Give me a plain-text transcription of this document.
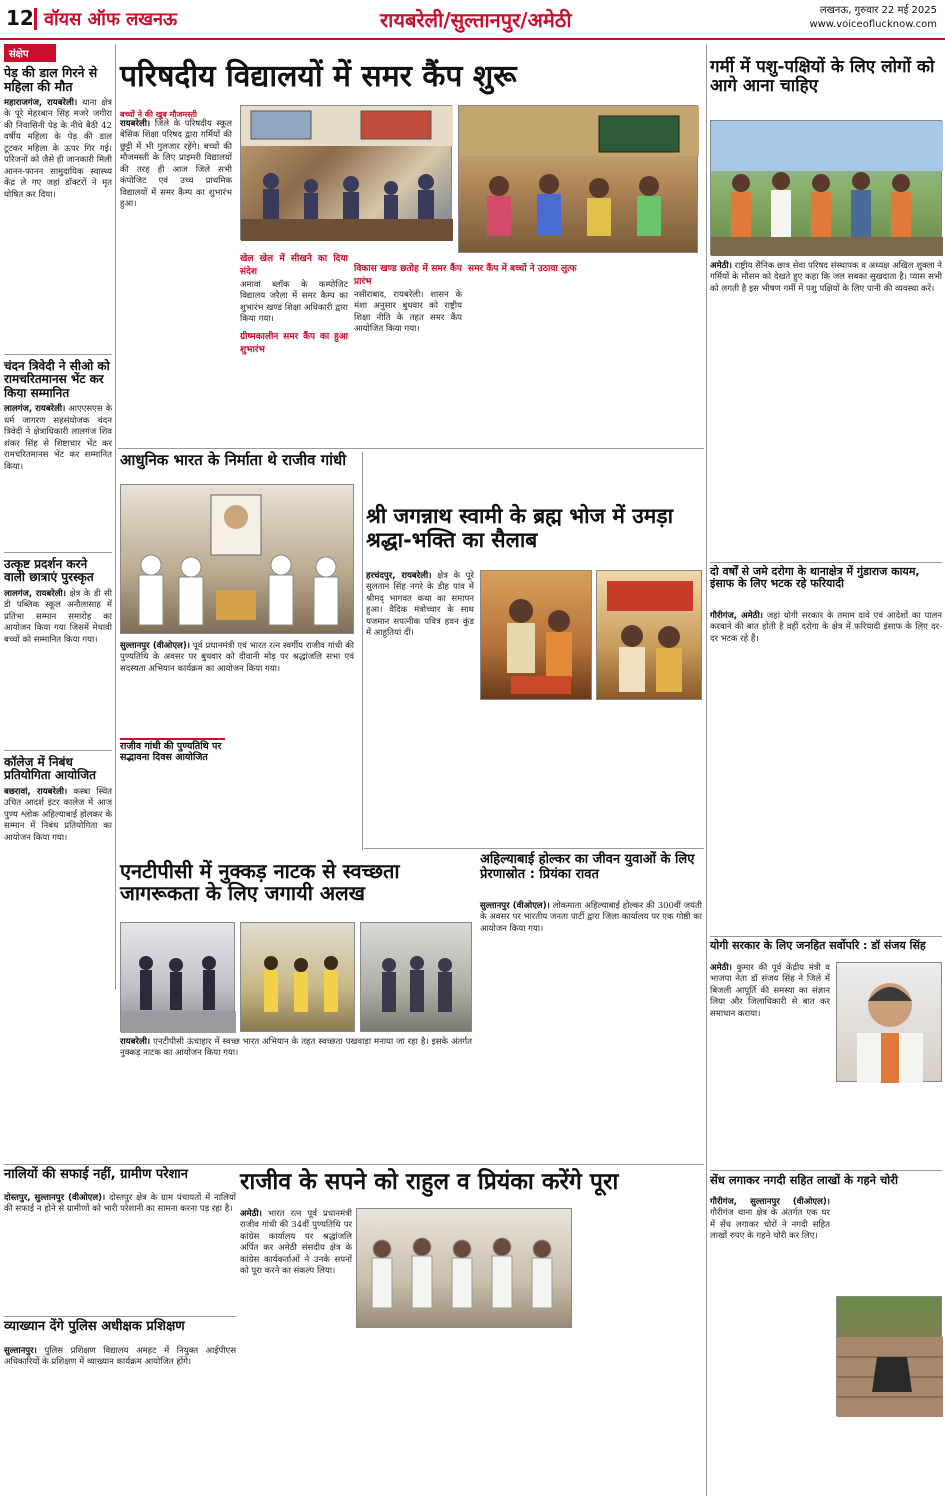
12 वॉयस ऑफ लखनऊ	रायबरेली/सुल्तानपुर/अमेठी	लखनऊ, गुरुवार 22 मई 2025
www.voiceoflucknow.com
संक्षेप
पेड़ की डाल गिरने से महिला की मौत
महाराजगंज, रायबरेली। थाना क्षेत्र के पूरे मेहरबान सिंह मजरे जगीरा की निवासिनी पेड़ के नीचे बैठी 42 वर्षीय महिला के पेड़ की डाल टूटकर महिला के ऊपर गिर गई। परिजनों को जैसे ही जानकारी मिली आनन-फानन सामुदायिक स्वास्थ्य केंद्र ले गए जहां डॉक्टरों ने मृत घोषित कर दिया।
चंदन त्रिवेदी ने सीओ को रामचरितमानस भेंट कर किया सम्मानित
लालगंज, रायबरेली। आएएसएस के धर्म जागरण सहसंयोजक चंदन त्रिवेदी ने क्षेत्राधिकारी लालगंज शिव शंकर सिंह से शिष्टाचार भेंट कर रामचरितमानस भेंट कर सम्मानित किया।
उत्कृष्ट प्रदर्शन करने वाली छात्राएं पुरस्कृत
लालगंज, रायबरेली। क्षेत्र के डी सी डी पब्लिक स्कूल अनौलासाह में प्रतिभा सम्मान समारोह का आयोजन किया गया जिसमें मेधावी बच्चों को सम्मानित किया गया।
कॉलेज में निबंध प्रतियोगिता आयोजित
बछरावां, रायबरेली। कस्बा स्थित उचित आदर्श इंटर कालेज में आज पुण्य श्लोक अहिल्याबाई होलकर के सम्मान में निबंध प्रतियोगिता का आयोजन किया गया।
परिषदीय विद्यालयों में समर कैंप शुरू
बच्चों ने की खूब मौजमस्ती
रायबरेली। जिले के परिषदीय स्कूल बेसिक शिक्षा परिषद द्वारा गर्मियों की छुट्टी में भी गुलजार रहेंगे। बच्चों की मौजमस्ती के लिए प्राइमरी विद्यालयों की तरह ही आज जिले सभी कंपोजिट एवं उच्च प्राथमिक विद्यालयों में समर कैम्प का शुभारंभ हुआ।
खेल खेल में सीखने का दिया संदेश
अमावां ब्लॉक के कम्पोजिट विद्यालय जरैला में समर कैम्प का शुभारंभ खण्ड शिक्षा अधिकारी द्वारा किया गया।
ग्रीष्मकालीन समर कैंप का हुआ शुभारंभ
विकास खण्ड छतोह में समर कैंप प्रारंभ
नसीराबाद, रायबरेली। शासन के मंशा अनुसार बुधवार को राष्ट्रीय शिक्षा नीति के तहत समर कैंप आयोजित किया गया।
समर कैंप में बच्चों ने उठाया लुत्फ
आधुनिक भारत के निर्माता थे राजीव गांधी
सुल्तानपुर (वीओएल)। पूर्व प्रधानमंत्री एवं भारत रत्न स्वर्गीय राजीव गांधी की पुण्यतिथि के अवसर पर बुधवार को दीवानी मोड़ पर श्रद्धांजलि सभा एवं सदस्यता अभियान कार्यक्रम का आयोजन किया गया।
राजीव गांधी की पुण्यतिथि पर सद्भावना दिवस आयोजित
श्री जगन्नाथ स्वामी के ब्रह्म भोज में उमड़ा श्रद्धा-भक्ति का सैलाब
हरचंदपुर, रायबरेली। क्षेत्र के पूरे सुलतान सिंह नगरे के डीह पांव में श्रीमद् भागवत कथा का समापन हुआ। वैदिक मंत्रोच्चार के साथ यजमान सपत्नीक पवित्र हवन कुंड में आहुतियां दीं।
अहिल्याबाई होल्कर का जीवन युवाओं के लिए प्रेरणास्रोत : प्रियंका रावत
सुल्तानपुर (वीओएल)। लोकमाता अहिल्याबाई होल्कर की 300वीं जयंती के अवसर पर भारतीय जनता पार्टी द्वारा जिला कार्यालय पर एक गोष्ठी का आयोजन किया गया।
एनटीपीसी में नुक्कड़ नाटक से स्वच्छता जागरूकता के लिए जगायी अलख
रायबरेली। एनटीपीसी ऊंचाहार में स्वच्छ भारत अभियान के तहत स्वच्छता पखवाड़ा मनाया जा रहा है। इसके अंतर्गत नुक्कड़ नाटक का आयोजन किया गया।
नालियों की सफाई नहीं, ग्रामीण परेशान
दोस्तपुर, सुल्तानपुर (वीओएल)। दोस्तपुर क्षेत्र के ग्राम पंचायतों में नालियों की सफाई न होने से ग्रामीणों को भारी परेशानी का सामना करना पड़ रहा है।
व्याख्यान देंगे पुलिस अधीक्षक प्रशिक्षण
सुल्तानपुर। पुलिस प्रशिक्षण विद्यालय अमहट में नियुक्त आईपीएस अधिकारियों के प्रशिक्षण में व्याख्यान कार्यक्रम आयोजित होंगे।
राजीव के सपने को राहुल व प्रियंका करेंगे पूरा
अमेठी। भारत रत्न पूर्व प्रधानमंत्री राजीव गांधी की 34वीं पुण्यतिथि पर कांग्रेस कार्यालय पर श्रद्धांजलि अर्पित कर अमेठी संसदीय क्षेत्र के कांग्रेस कार्यकर्ताओं ने उनके सपनों को पूरा करने का संकल्प लिया।
गर्मी में पशु-पक्षियों के लिए लोगों को आगे आना चाहिए
अमेठी। राष्ट्रीय सैनिक छात्र सेवा परिषद संस्थापक व अध्यक्ष अखिल शुक्ला ने गर्मियों के मौसम को देखते हुए कहा कि जल सबका सुखदाता है। प्यास सभी को लगती है इस भीषण गर्मी में पशु पक्षियों के लिए पानी की व्यवस्था करें।
दो वर्षों से जमे दरोगा के थानाक्षेत्र में गुंडाराज कायम, इंसाफ के लिए भटक रहे फरियादी
गौरीगंज, अमेठी। जहां योगी सरकार के तमाम दावे एवं आदेशों का पालन करवाने की बात होती है वहीं दरोगा के क्षेत्र में फरियादी इंसाफ के लिए दर-दर भटक रहे हैं।
योगी सरकार के लिए जनहित सर्वोपरि : डॉ संजय सिंह
अमेठी। कुमार की पूर्व केंद्रीय मंत्री व भाजपा नेता डॉ संजय सिंह ने जिले में बिजली आपूर्ति की समस्या का संज्ञान लिया और जिलाधिकारी से बात कर समाधान कराया।
सेंध लगाकर नगदी सहित लाखों के गहने चोरी
गौरीगंज, सुल्तानपुर (वीओएल)। गौरीगंज थाना क्षेत्र के अंतर्गत एक घर में सेंध लगाकर चोरों ने नगदी सहित लाखों रुपए के गहने चोरी कर लिए।
